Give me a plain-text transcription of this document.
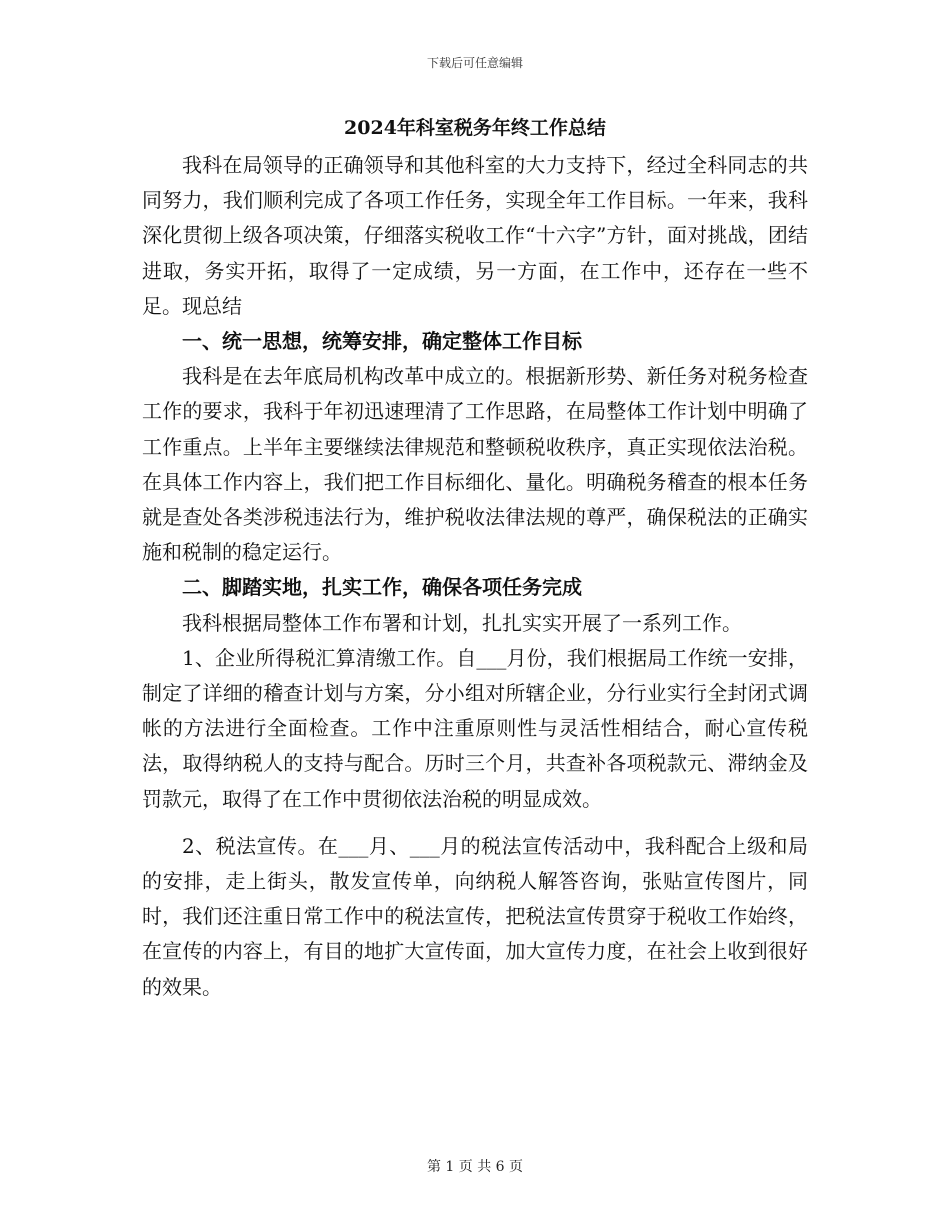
下载后可任意编辑
2024年科室税务年终工作总结

我科在局领导的正确领导和其他科室的大力支持下，经过全科同志的共同努力，我们顺利完成了各项工作任务，实现全年工作目标。一年来，我科深化贯彻上级各项决策，仔细落实税收工作“十六字”方针，面对挑战，团结进取，务实开拓，取得了一定成绩，另一方面，在工作中，还存在一些不足。现总结

一、统一思想，统筹安排，确定整体工作目标

我科是在去年底局机构改革中成立的。根据新形势、新任务对税务检查工作的要求，我科于年初迅速理清了工作思路，在局整体工作计划中明确了工作重点。上半年主要继续法律规范和整顿税收秩序，真正实现依法治税。在具体工作内容上，我们把工作目标细化、量化。明确税务稽查的根本任务就是查处各类涉税违法行为，维护税收法律法规的尊严，确保税法的正确实施和税制的稳定运行。

二、脚踏实地，扎实工作，确保各项任务完成

我科根据局整体工作布署和计划，扎扎实实开展了一系列工作。

1、企业所得税汇算清缴工作。自___月份，我们根据局工作统一安排，制定了详细的稽查计划与方案，分小组对所辖企业，分行业实行全封闭式调帐的方法进行全面检查。工作中注重原则性与灵活性相结合，耐心宣传税法，取得纳税人的支持与配合。历时三个月，共查补各项税款元、滞纳金及罚款元，取得了在工作中贯彻依法治税的明显成效。

2、税法宣传。在___月、___月的税法宣传活动中，我科配合上级和局的安排，走上街头，散发宣传单，向纳税人解答咨询，张贴宣传图片，同时，我们还注重日常工作中的税法宣传，把税法宣传贯穿于税收工作始终，在宣传的内容上，有目的地扩大宣传面，加大宣传力度，在社会上收到很好的效果。

第 1 页 共 6 页
